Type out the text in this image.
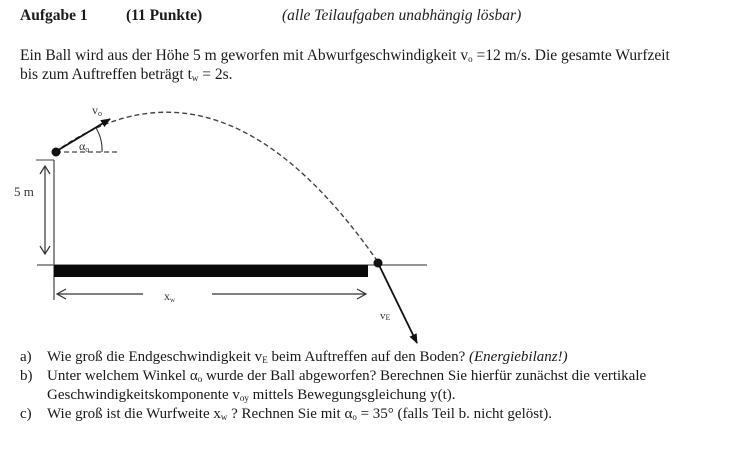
Aufgabe 1 (11 Punkte)	(alle Teilaufgaben unabhängig lösbar)

Ein Ball wird aus der Höhe 5 m geworfen mit Abwurfgeschwindigkeit $v_o =12$ m/s. Die gesamte Wurfzeit

bis zum Auftreffen beträgt $t_w = 2s$.

vo
αo
5 m
xw
vE
a) Wie groß die Endgeschwindigkeit $v_E$ beim Auftreffen auf den Boden? (Energiebilanz!)
b) Unter welchem Winkel $\alpha_o$ wurde der Ball abgeworfen? Berechnen Sie hierfür zunächst die vertikale
Geschwindigkeitskomponente $v_{oy}$ mittels Bewegungsgleichung y(t).
c) Wie groß ist die Wurfweite $x_w$ ? Rechnen Sie mit $\alpha_o = 35^\circ$ (falls Teil b. nicht gelöst).
